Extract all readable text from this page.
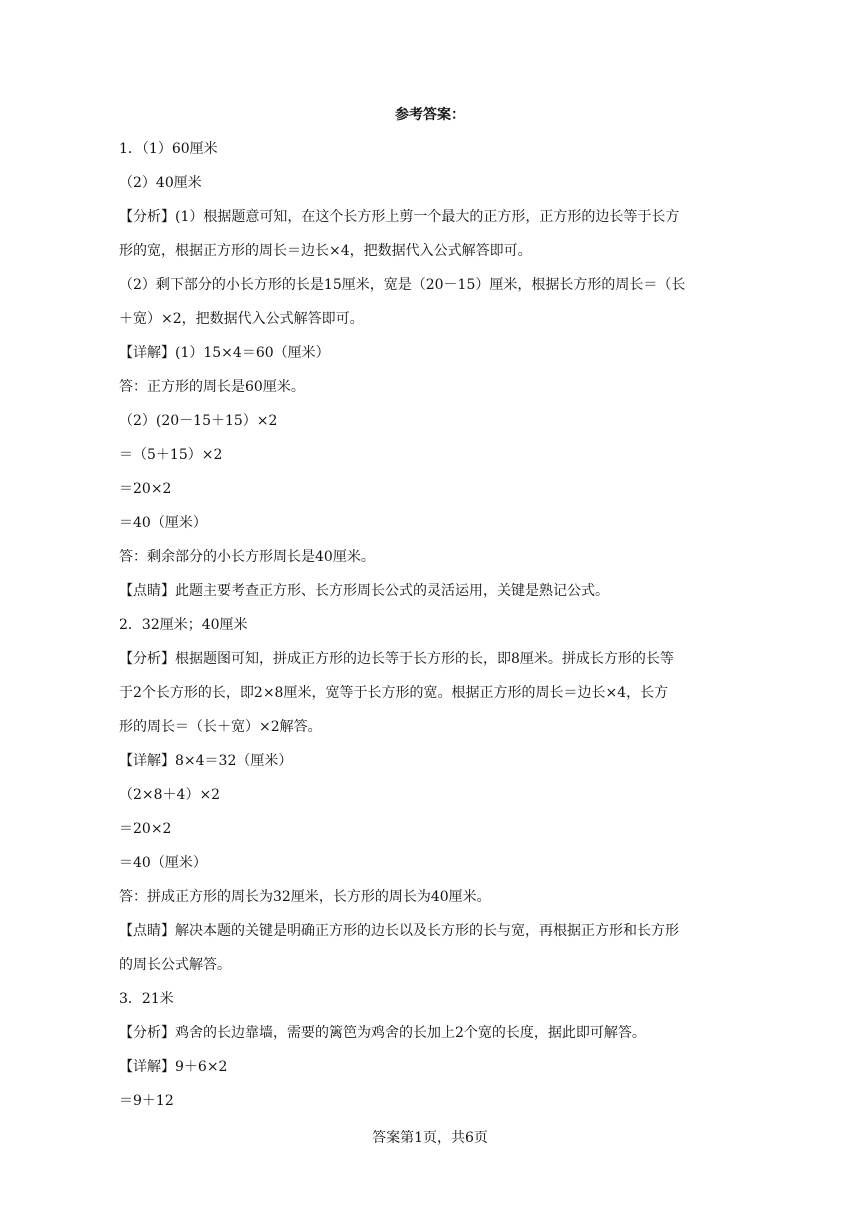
参考答案：
1．（1）60厘米
（2）40厘米
【分析】(1）根据题意可知，在这个长方形上剪一个最大的正方形，正方形的边长等于长方
形的宽，根据正方形的周长＝边长×4，把数据代入公式解答即可。
（2）剩下部分的小长方形的长是15厘米，宽是（20－15）厘米，根据长方形的周长＝（长
＋宽）×2，把数据代入公式解答即可。
【详解】(1）15×4＝60（厘米）
答：正方形的周长是60厘米。
（2）(20－15＋15）×2
＝（5＋15）×2
＝20×2
＝40（厘米）
答：剩余部分的小长方形周长是40厘米。
【点睛】此题主要考查正方形、长方形周长公式的灵活运用，关键是熟记公式。
2．32厘米；40厘米
【分析】根据题图可知，拼成正方形的边长等于长方形的长，即8厘米。拼成长方形的长等
于2个长方形的长，即2×8厘米，宽等于长方形的宽。根据正方形的周长＝边长×4，长方
形的周长＝（长＋宽）×2解答。
【详解】8×4＝32（厘米）
（2×8＋4）×2
＝20×2
＝40（厘米）
答：拼成正方形的周长为32厘米，长方形的周长为40厘米。
【点睛】解决本题的关键是明确正方形的边长以及长方形的长与宽，再根据正方形和长方形
的周长公式解答。
3．21米
【分析】鸡舍的长边靠墙，需要的篱笆为鸡舍的长加上2个宽的长度，据此即可解答。
【详解】9＋6×2
＝9＋12
答案第1页，共6页
